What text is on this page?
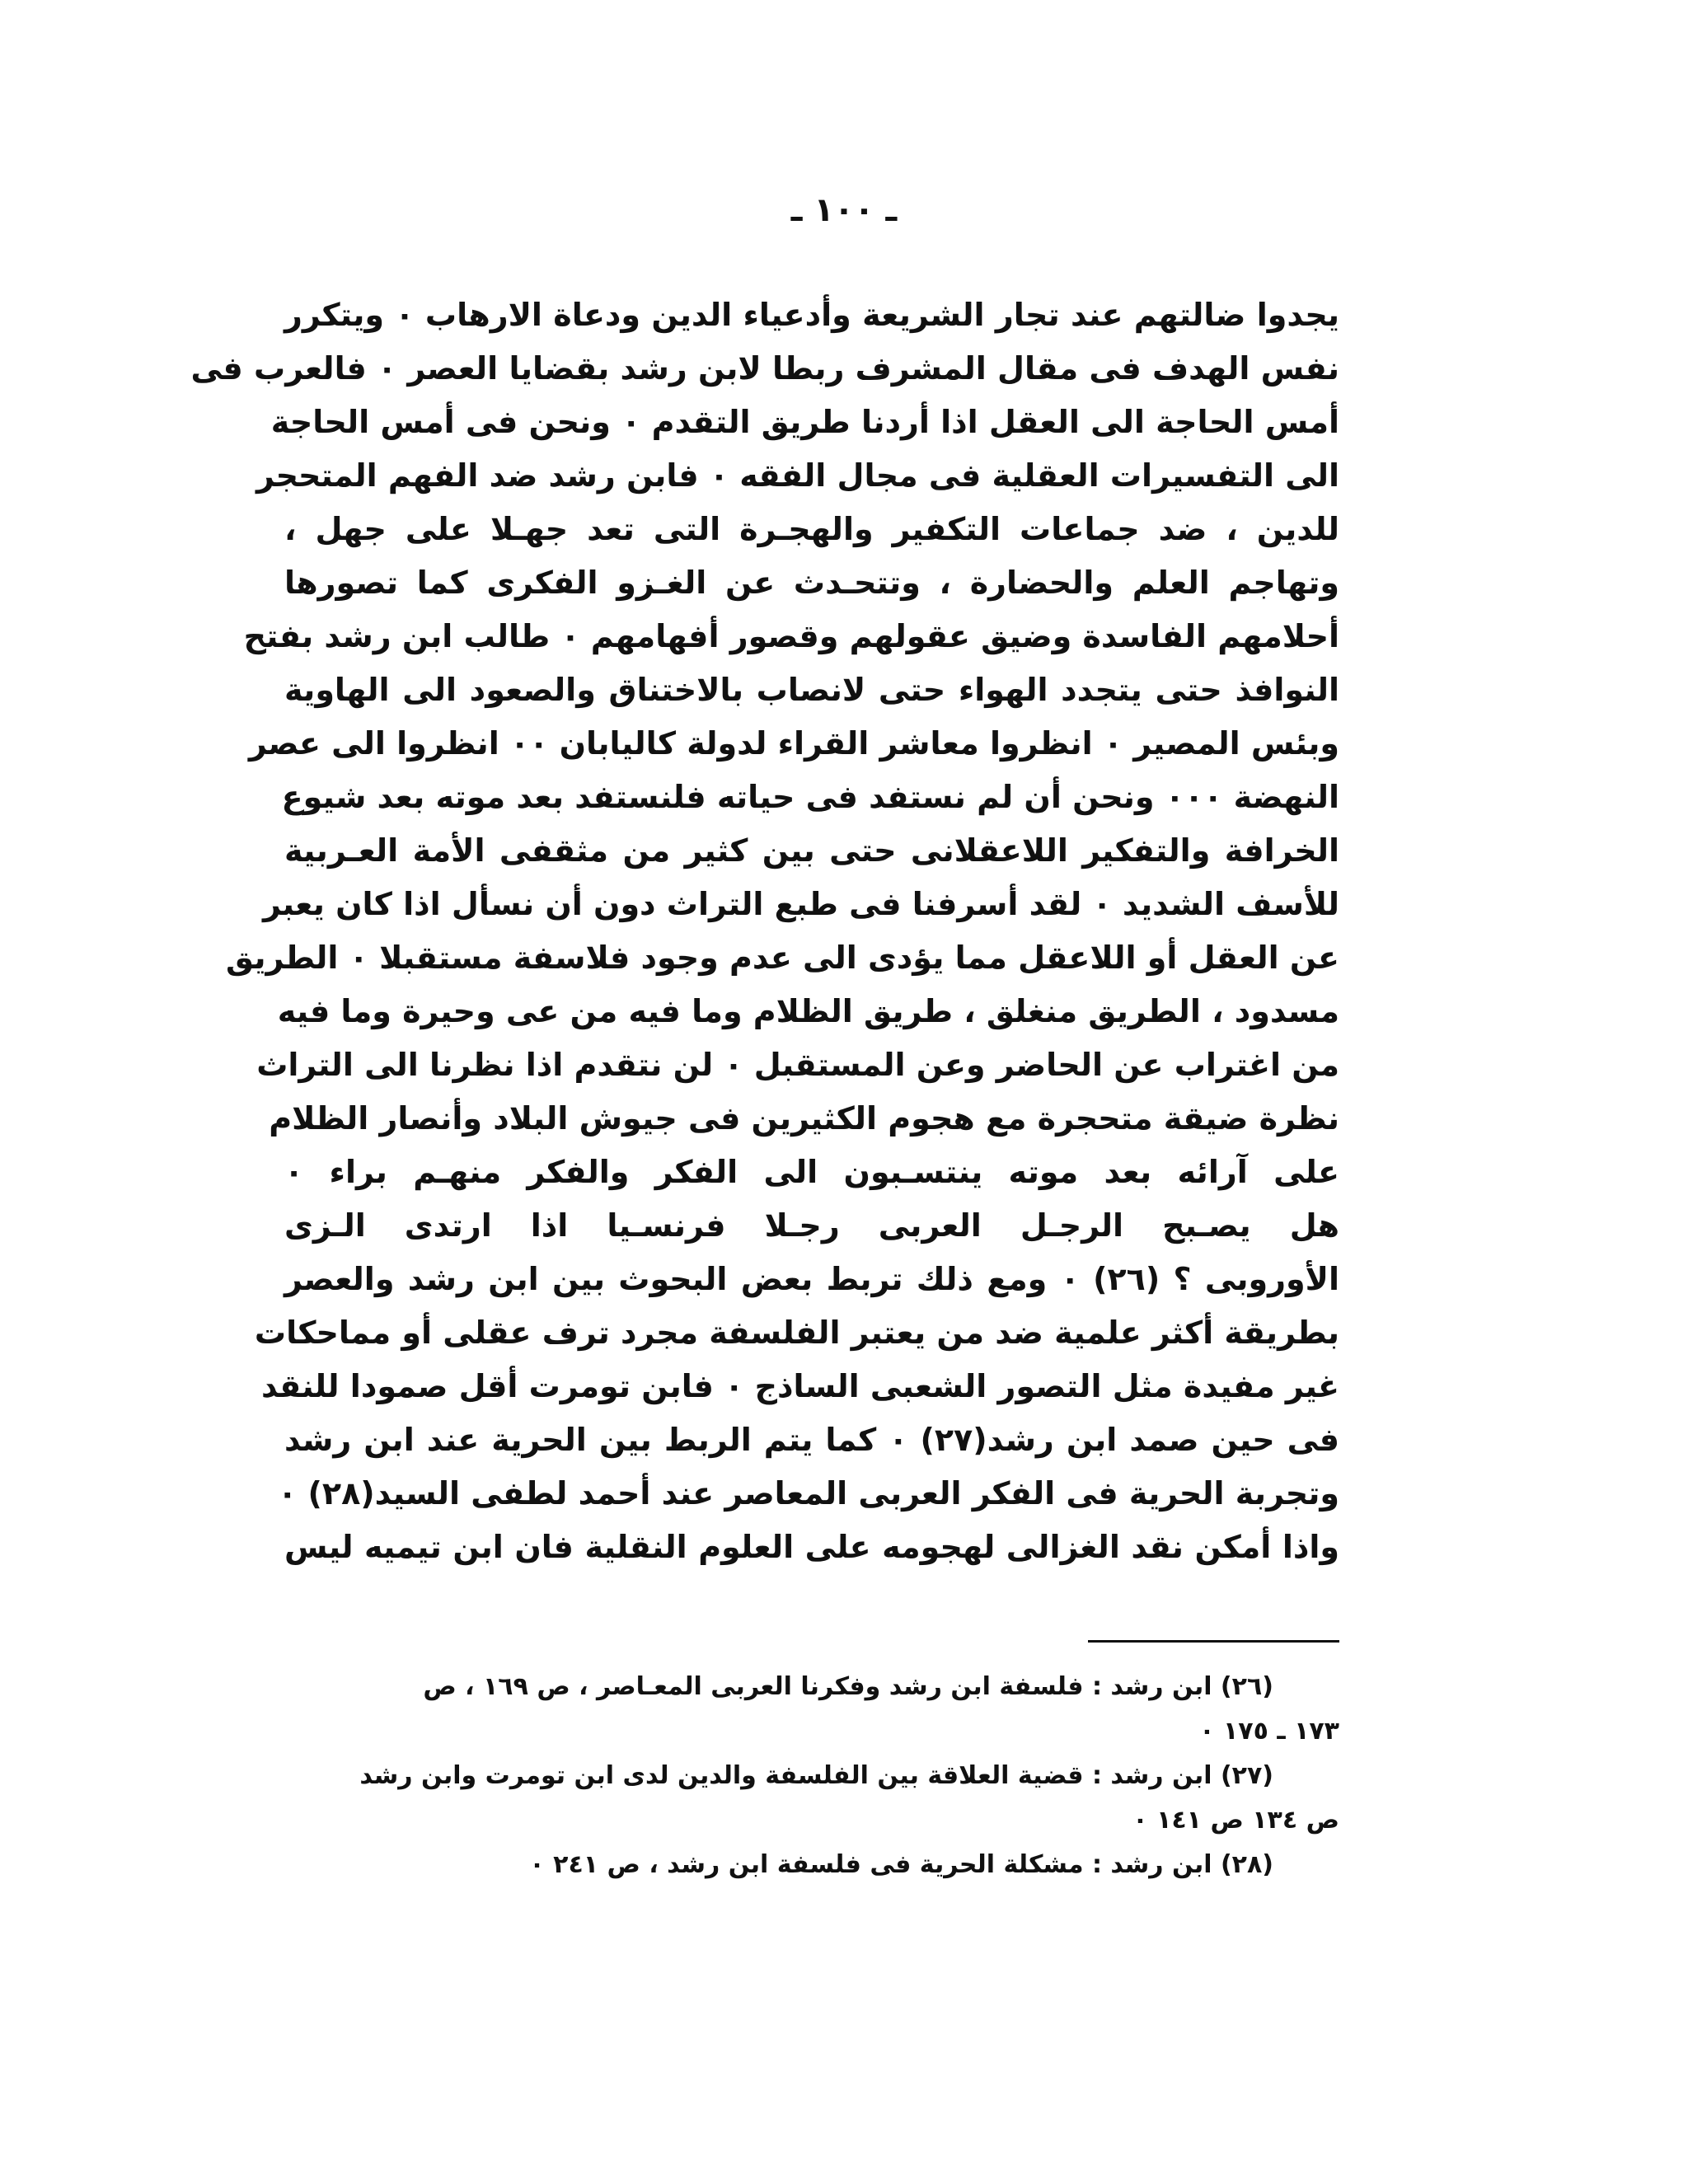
ـ ١٠٠ ـ
يجدوا ضالتهم عند تجار الشريعة وأدعياء الدين ودعاة الارهاب ٠ ويتكرر
نفس الهدف فى مقال المشرف ربطا لابن رشد بقضايا العصر ٠ فالعرب فى
أمس الحاجة الى العقل اذا أردنا طريق التقدم ٠ ونحن فى أمس الحاجة
الى التفسيرات العقلية فى مجال الفقه ٠ فابن رشد ضد الفهم المتحجر
للدين ، ضد جماعات التكفير والهجـرة التى تعد جهـلا على جهل ،
وتهاجم العلم والحضارة ، وتتحـدث عن الغـزو الفكرى كما تصورها
أحلامهم الفاسدة وضيق عقولهم وقصور أفهامهم ٠ طالب ابن رشد بفتح
النوافذ حتى يتجدد الهواء حتى لانصاب بالاختناق والصعود الى الهاوية
وبئس المصير ٠ انظروا معاشر القراء لدولة كاليابان ٠٠ انظروا الى عصر
النهضة ٠٠٠ ونحن أن لم نستفد فى حياته فلنستفد بعد موته بعد شيوع
الخرافة والتفكير اللاعقلانى حتى بين كثير من مثقفى الأمة العـربية
للأسف الشديد ٠ لقد أسرفنا فى طبع التراث دون أن نسأل اذا كان يعبر
عن العقل أو اللاعقل مما يؤدى الى عدم وجود فلاسفة مستقبلا ٠ الطريق
مسدود ، الطريق منغلق ، طريق الظلام وما فيه من عى وحيرة وما فيه
من اغتراب عن الحاضر وعن المستقبل ٠ لن نتقدم اذا نظرنا الى التراث
نظرة ضيقة متحجرة مع هجوم الكثيرين فى جيوش البلاد وأنصار الظلام
على آرائه بعد موته ينتسـبون الى الفكر والفكر منهـم براء ٠
هل يصـبح الرجـل العربى رجـلا فرنسـيا اذا ارتدى الـزى
الأوروبى ؟ (٢٦) ٠ ومع ذلك تربط بعض البحوث بين ابن رشد والعصر
بطريقة أكثر علمية ضد من يعتبر الفلسفة مجرد ترف عقلى أو مماحكات
غير مفيدة مثل التصور الشعبى الساذج ٠ فابن تومرت أقل صمودا للنقد
فى حين صمد ابن رشد(٢٧) ٠ كما يتم الربط بين الحرية عند ابن رشد
وتجربة الحرية فى الفكر العربى المعاصر عند أحمد لطفى السيد(٢٨) ٠
واذا أمكن نقد الغزالى لهجومه على العلوم النقلية فان ابن تيميه ليس
(٢٦) ابن رشد : فلسفة ابن رشد وفكرنا العربى المعـاصر ، ص ١٦٩ ، ص
١٧٣ ـ ١٧٥ ٠
(٢٧) ابن رشد : قضية العلاقة بين الفلسفة والدين لدى ابن تومرت وابن رشد
ص ١٣٤ ص ١٤١ ٠
(٢٨) ابن رشد : مشكلة الحرية فى فلسفة ابن رشد ، ص ٢٤١ ٠
